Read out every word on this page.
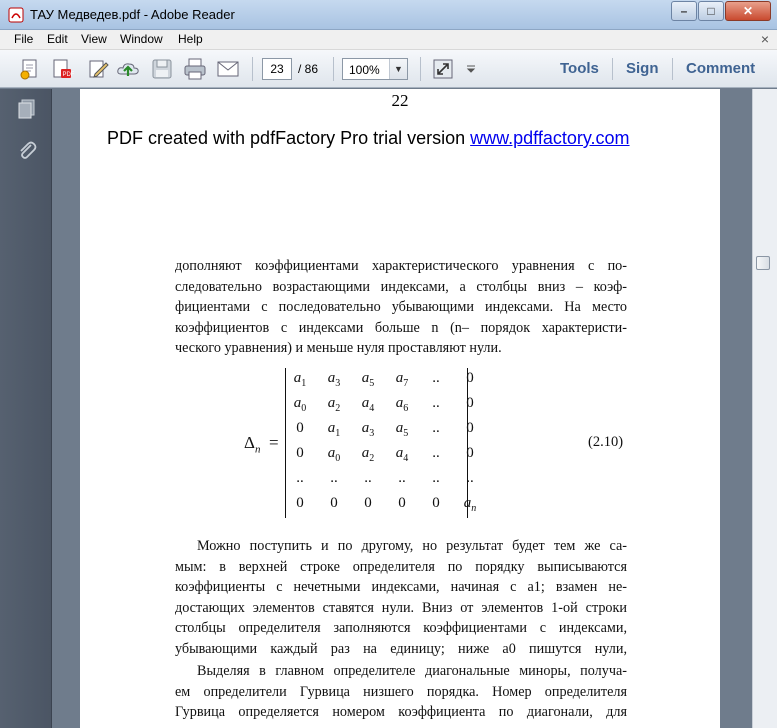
ТАУ Медведев.pdf - Adobe Reader	–	□	✕
File Edit View Window Help	×
PDF	23	/ 86	100%	▼	Tools Sign Comment
22
PDF created with pdfFactory Pro trial version www.pdffactory.com
дополняют коэффициентами характеристического уравнения с по-
следовательно возрастающими индексами, а столбцы вниз – коэф-
фициентами с последовательно убывающими индексами. На место
коэффициентов с индексами больше n (n– порядок характеристи-
ческого уравнения) и меньше нуля проставляют нули.
$\Delta_n$ =
$a_1$	$a_3$	$a_5$	$a_7$	..	0
$a_0$	$a_2$	$a_4$	$a_6$	..	0
0	$a_1$	$a_3$	$a_5$	..	0
0	$a_0$	$a_2$	$a_4$	..	0
..	..	..	..	..	..
0	0	0	0	0	$a_n$
(2.10)
Можно поступить и по другому, но результат будет тем же са-
мым: в верхней строке определителя по порядку выписываются
коэффициенты с нечетными индексами, начиная с a1; взамен не-
достающих элементов ставятся нули. Вниз от элементов 1-ой строки
столбцы определителя заполняются коэффициентами с индексами,
убывающими каждый раз на единицу; ниже a0 пишутся нули,
Выделяя в главном определителе диагональные миноры, получа-
ем определители Гурвица низшего порядка. Номер определителя
Гурвица определяется номером коэффициента по диагонали, для
